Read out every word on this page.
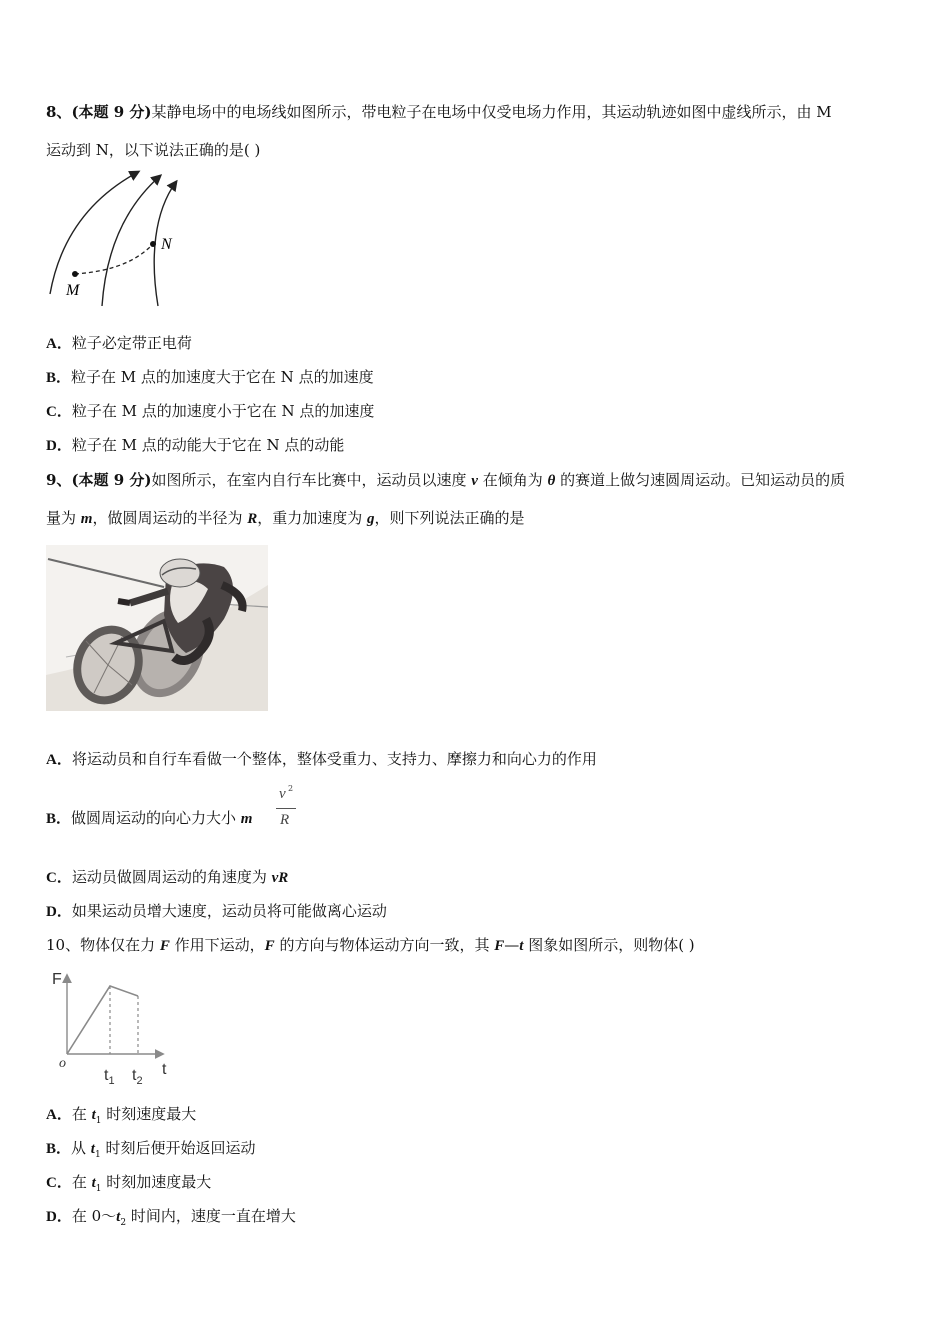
8、(本题 9 分)某静电场中的电场线如图所示，带电粒子在电场中仅受电场力作用，其运动轨迹如图中虚线所示，由 M
运动到 N，以下说法正确的是( )
M
N
A．粒子必定带正电荷
B．粒子在 M 点的加速度大于它在 N 点的加速度
C．粒子在 M 点的加速度小于它在 N 点的加速度
D．粒子在 M 点的动能大于它在 N 点的动能
9、(本题 9 分)如图所示，在室内自行车比赛中，运动员以速度 v 在倾角为 θ 的赛道上做匀速圆周运动。已知运动员的质
量为 m，做圆周运动的半径为 R，重力加速度为 g，则下列说法正确的是
A．将运动员和自行车看做一个整体，整体受重力、支持力、摩擦力和向心力的作用
B．做圆周运动的向心力大小 m
v 2
R
C．运动员做圆周运动的角速度为 vR
D．如果运动员增大速度，运动员将可能做离心运动
10、物体仅在力 F 作用下运动，F 的方向与物体运动方向一致，其 F—t 图象如图所示，则物体( )
F
o
$t_1$ $t_2$
t
A．在 $t_1$ 时刻速度最大
B．从 $t_1$ 时刻后便开始返回运动
C．在 $t_1$ 时刻加速度最大
D．在 $0\sim t_2$ 时间内，速度一直在增大
